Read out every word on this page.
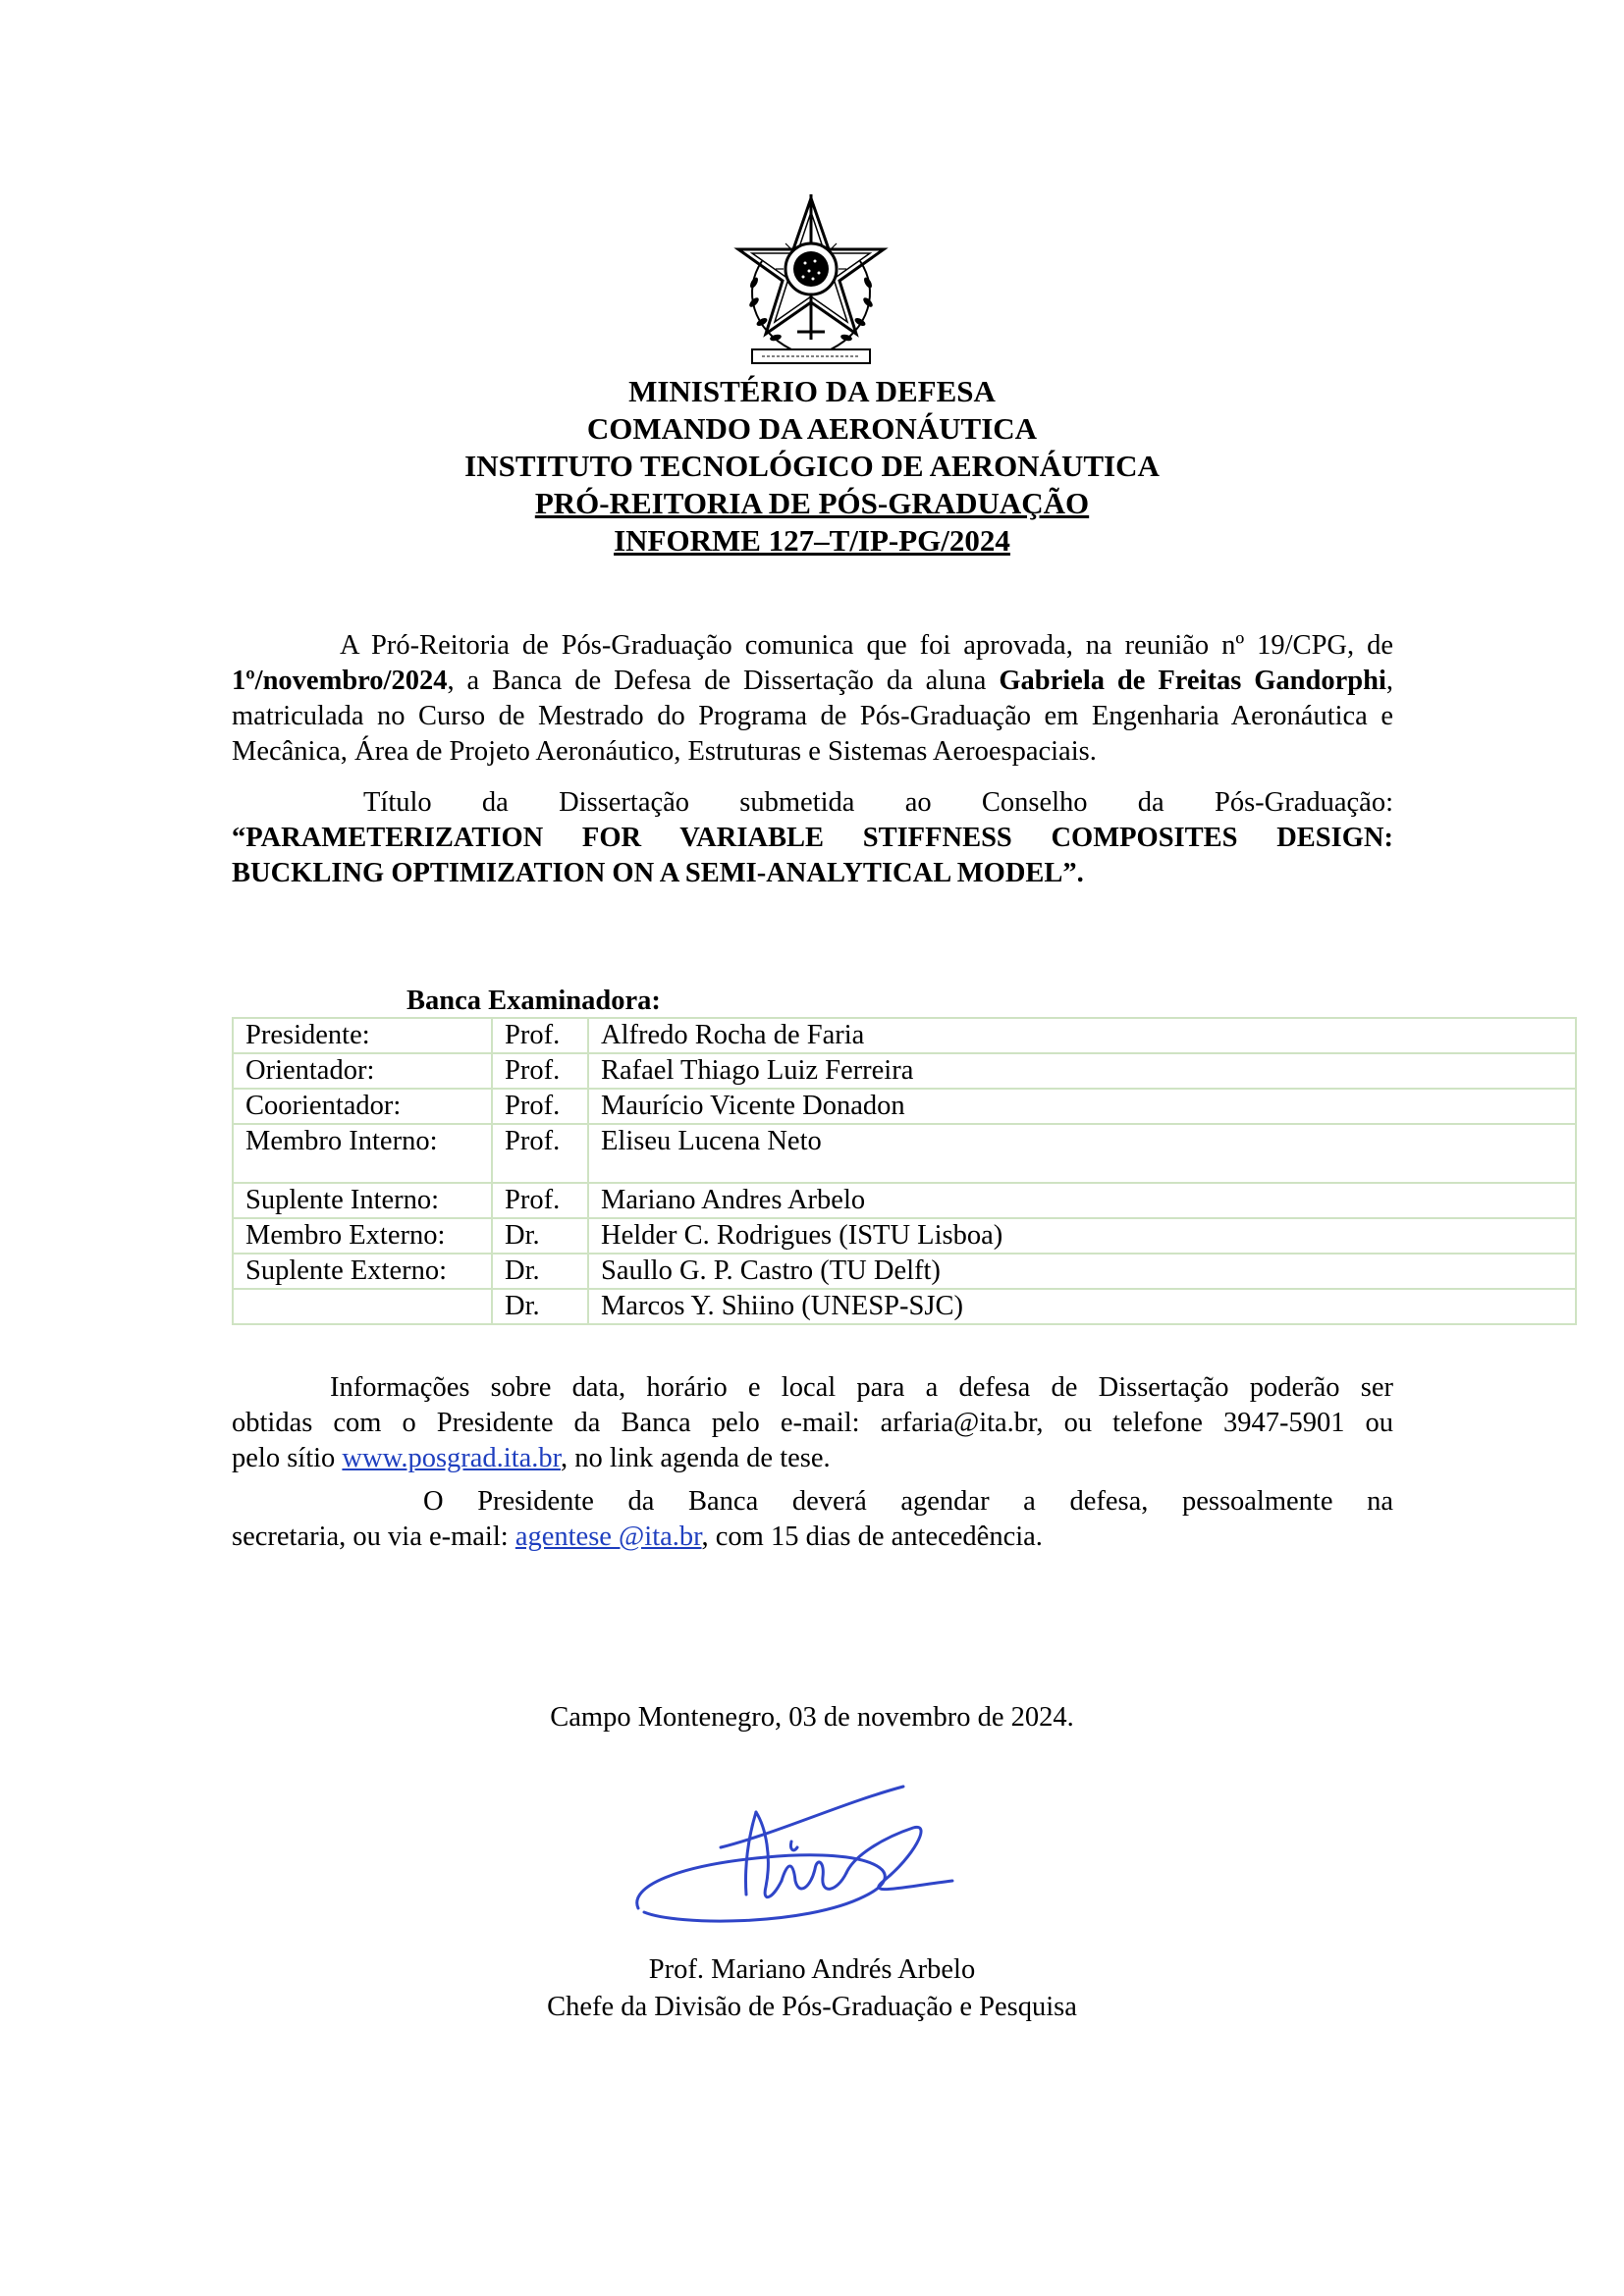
MINISTÉRIO DA DEFESA
COMANDO DA AERONÁUTICA
INSTITUTO TECNOLÓGICO DE AERONÁUTICA
PRÓ-REITORIA DE PÓS-GRADUAÇÃO
INFORME 127–T/IP-PG/2024
A Pró-Reitoria de Pós-Graduação comunica que foi aprovada, na reunião nº 19/CPG, de
1º/novembro/2024, a Banca de Defesa de Dissertação da aluna Gabriela de Freitas Gandorphi,
matriculada no Curso de Mestrado do Programa de Pós-Graduação em Engenharia Aeronáutica e
Mecânica, Área de Projeto Aeronáutico, Estruturas e Sistemas Aeroespaciais.
Título da Dissertação submetida ao Conselho da Pós-Graduação:
“PARAMETERIZATION FOR VARIABLE STIFFNESS COMPOSITES DESIGN:
BUCKLING OPTIMIZATION ON A SEMI-ANALYTICAL MODEL”.
Banca Examinadora:
Presidente:	Prof.	Alfredo Rocha de Faria
Orientador:	Prof.	Rafael Thiago Luiz Ferreira
Coorientador:	Prof.	Maurício Vicente Donadon
Membro Interno:	Prof.	Eliseu Lucena Neto
Suplente Interno:	Prof.	Mariano Andres Arbelo
Membro Externo:	Dr.	Helder C. Rodrigues (ISTU Lisboa)
Suplente Externo:	Dr.	Saullo G. P. Castro (TU Delft)
	Dr.	Marcos Y. Shiino (UNESP-SJC)
Informações sobre data, horário e local para a defesa de Dissertação poderão ser
obtidas com o Presidente da Banca pelo e-mail: arfaria@ita.br, ou telefone 3947-5901 ou
pelo sítio www.posgrad.ita.br, no link agenda de tese.
O Presidente da Banca deverá agendar a defesa, pessoalmente na
secretaria, ou via e-mail: agentese @ita.br, com 15 dias de antecedência.
Campo Montenegro, 03 de novembro de 2024.
Prof. Mariano Andrés Arbelo
Chefe da Divisão de Pós-Graduação e Pesquisa
